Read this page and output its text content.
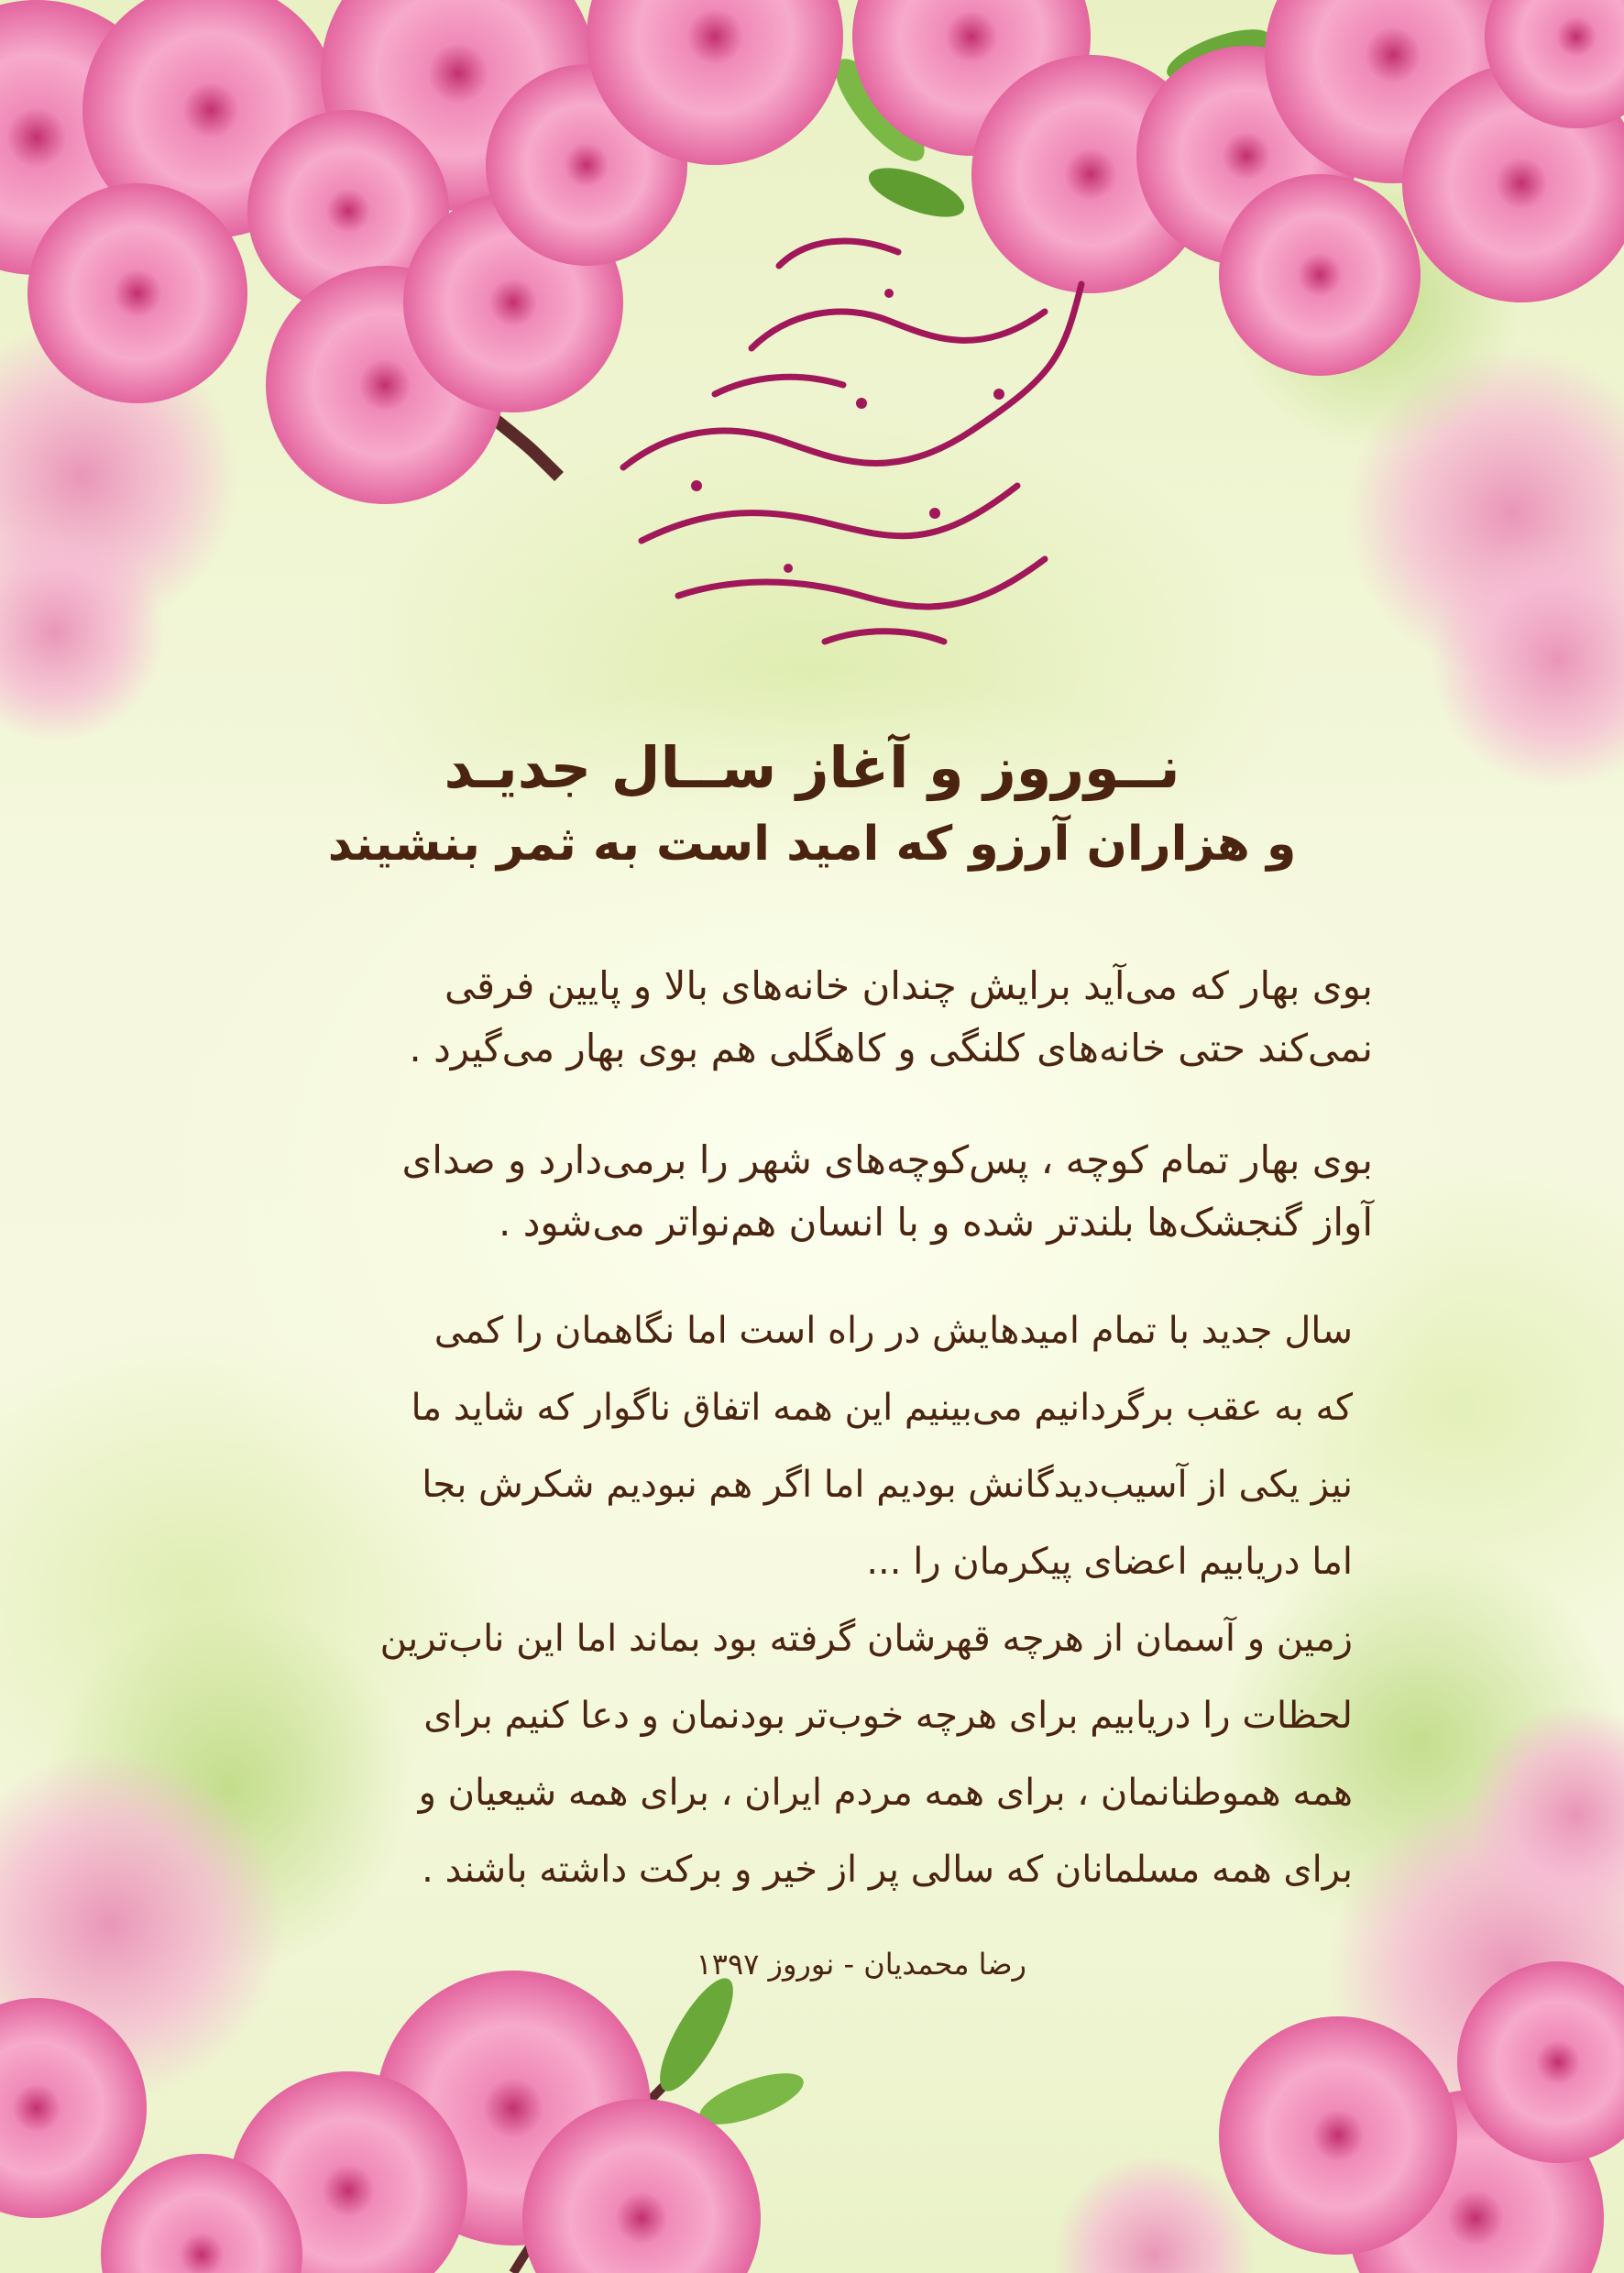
نــوروز و آغاز ســال جدیـد
و هزاران آرزو که امید است به ثمر بنشیند
بوی بهار که می‌آید برایش چندان خانه‌های بالا و پایین فرقی
نمی‌کند حتی خانه‌های کلنگی و کاهگلی هم بوی بهار می‌گیرد .
بوی بهار تمام کوچه ، پس‌کوچه‌های شهر را برمی‌دارد و صدای
آواز گنجشک‌ها بلندتر شده و با انسان هم‌نواتر می‌شود .
سال جدید با تمام امیدهایش در راه است اما نگاهمان را کمی
که به عقب برگردانیم می‌بینیم این همه اتفاق ناگوار که شاید ما
نیز یکی از آسیب‌دیدگانش بودیم اما اگر هم نبودیم شکرش بجا
اما دریابیم اعضای پیکرمان را ...
زمین و آسمان از هرچه قهرشان گرفته بود بماند اما این ناب‌ترین
لحظات را دریابیم برای هرچه خوب‌تر بودنمان و دعا کنیم برای
همه هموطنانمان ، برای همه مردم ایران ، برای همه شیعیان و
برای همه مسلمانان که سالی پر از خیر و برکت داشته باشند .
رضا محمدیان - نوروز ۱۳۹۷
